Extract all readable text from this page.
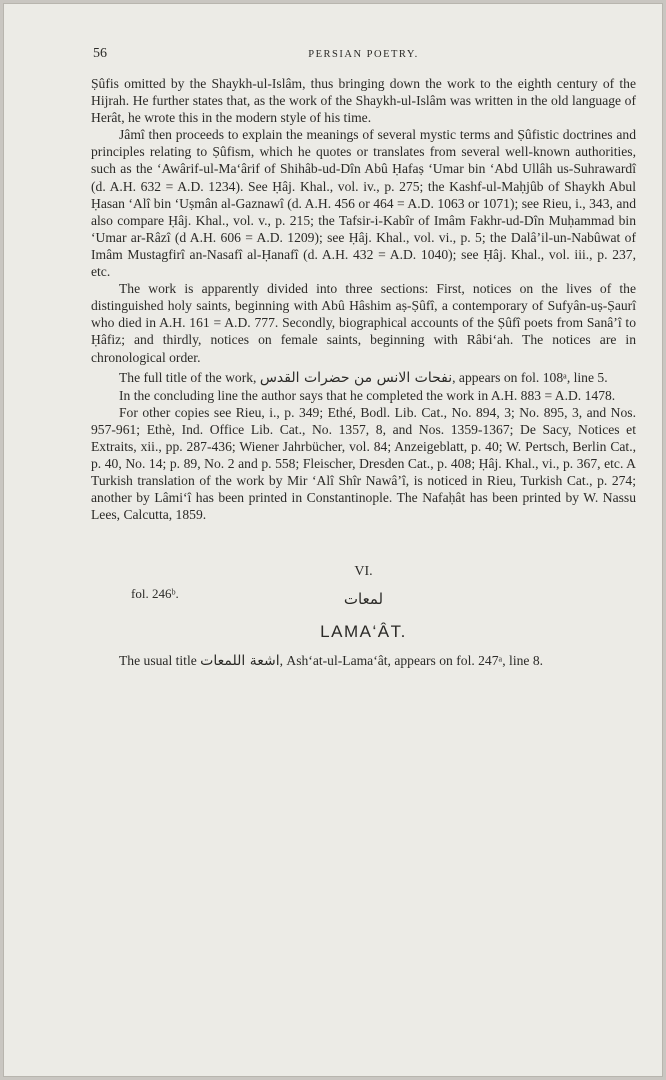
56	PERSIAN POETRY.

Ṣûfis omitted by the Shaykh-ul-Islâm, thus bringing down the work to the eighth century of the Hijrah. He further states that, as the work of the Shaykh-ul-Islâm was written in the old language of Herât, he wrote this in the modern style of his time.

Jâmî then proceeds to explain the meanings of several mystic terms and Ṣûfistic doctrines and principles relating to Ṣûfism, which he quotes or translates from several well-known authorities, such as the ‘Awârif-ul-Ma‘ârif of Shihâb-ud-Dîn Abû Ḥafaṣ ‘Umar bin ‘Abd Ullâh us-Suhrawardî (d. A.H. 632 = A.D. 1234). See Ḥâj. Khal., vol. iv., p. 275; the Kashf-ul-Maḥjûb of Shaykh Abul Ḥasan ‘Alî bin ‘Uṣmân al-Gaznawî (d. A.H. 456 or 464 = A.D. 1063 or 1071); see Rieu, i., 343, and also compare Ḥâj. Khal., vol. v., p. 215; the Tafsir-i-Kabîr of Imâm Fakhr-ud-Dîn Muḥammad bin ‘Umar ar-Râzî (d A.H. 606 = A.D. 1209); see Ḥâj. Khal., vol. vi., p. 5; the Dalâ’il-un-Nabûwat of Imâm Mustagfirî an-Nasafî al-Ḥanafî (d. A.H. 432 = A.D. 1040); see Ḥâj. Khal., vol. iii., p. 237, etc.

The work is apparently divided into three sections: First, notices on the lives of the distinguished holy saints, beginning with Abû Hâshim aṣ-Ṣûfî, a contemporary of Sufyân-uṣ-Ṣaurî who died in A.H. 161 = A.D. 777. Secondly, biographical accounts of the Ṣûfî poets from Sanâ’î to Ḥâfiz; and thirdly, notices on female saints, beginning with Râbi‘ah. The notices are in chronological order.

The full title of the work, نفحات الانس من حضرات القدس, appears on fol. 108ᵃ, line 5.

In the concluding line the author says that he completed the work in A.H. 883 = A.D. 1478.

For other copies see Rieu, i., p. 349; Ethé, Bodl. Lib. Cat., No. 894, 3; No. 895, 3, and Nos. 957-961; Ethè, Ind. Office Lib. Cat., No. 1357, 8, and Nos. 1359-1367; De Sacy, Notices et Extraits, xii., pp. 287-436; Wiener Jahrbücher, vol. 84; Anzeigeblatt, p. 40; W. Pertsch, Berlin Cat., p. 40, No. 14; p. 89, No. 2 and p. 558; Fleischer, Dresden Cat., p. 408; Ḥâj. Khal., vi., p. 367, etc. A Turkish translation of the work by Mir ‘Alî Shîr Nawâ’î, is noticed in Rieu, Turkish Cat., p. 274; another by Lâmi‘î has been printed in Constantinople. The Nafaḥât has been printed by W. Nassu Lees, Calcutta, 1859.

VI.
fol. 246ᵇ.	لمعات
LAMA‘ÂT.

The usual title اشعة اللمعات, Ash‘at-ul-Lama‘ât, appears on fol. 247ᵃ, line 8.
